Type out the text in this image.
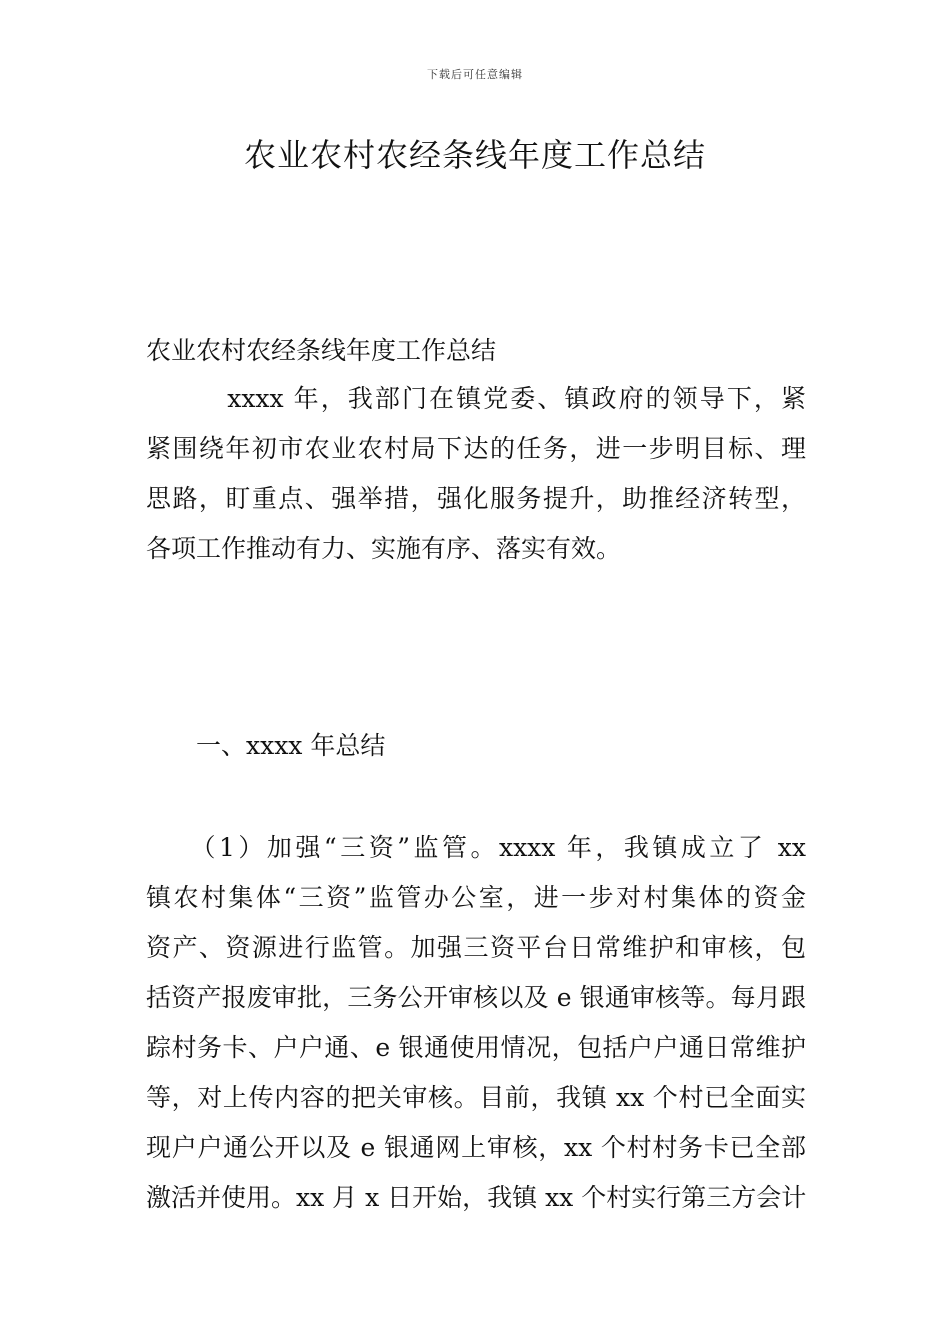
下载后可任意编辑
农业农村农经条线年度工作总结
农业农村农经条线年度工作总结
　　　xxxx 年，我部门在镇党委、镇政府的领导下，紧
紧围绕年初市农业农村局下达的任务，进一步明目标、理
思路，盯重点、强举措，强化服务提升，助推经济转型，
各项工作推动有力、实施有序、落实有效。
　　一、xxxx 年总结
　　（1）加强“三资”监管。xxxx 年，我镇成立了 xx
镇农村集体“三资”监管办公室，进一步对村集体的资金
资产、资源进行监管。加强三资平台日常维护和审核，包
括资产报废审批，三务公开审核以及 e 银通审核等。每月跟
踪村务卡、户户通、e 银通使用情况，包括户户通日常维护
等，对上传内容的把关审核。目前，我镇 xx 个村已全面实
现户户通公开以及 e 银通网上审核，xx 个村村务卡已全部
激活并使用。xx 月 x 日开始，我镇 xx 个村实行第三方会计
